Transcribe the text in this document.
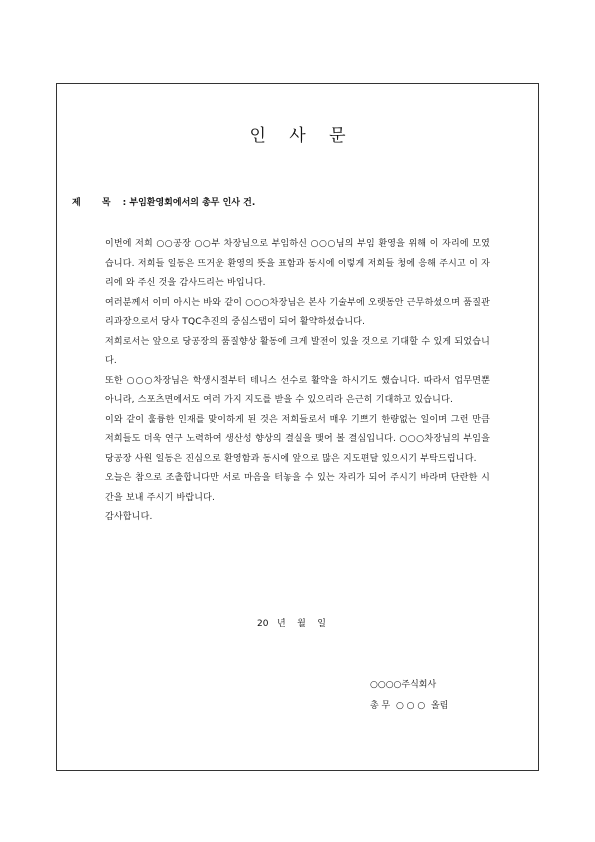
인 사 문
제 목 : 부임환영회에서의 총무 인사 건.

이번에 저희 ○○공장 ○○부 차장님으로 부임하신 ○○○님의 부임 환영을 위해 이 자리에 모였습니다. 저희들 일동은 뜨거운 환영의 뜻을 표함과 동시에 이렇게 저희들 청에 응해 주시고 이 자리에 와 주신 것을 감사드리는 바입니다.

여러분께서 이미 아시는 바와 같이 ○○○차장님은 본사 기술부에 오랫동안 근무하셨으며 품질관리과장으로서 당사 TQC추진의 중심스탭이 되어 활약하셨습니다.

저희로서는 앞으로 당공장의 품질향상 활동에 크게 발전이 있을 것으로 기대할 수 있게 되었습니다.

또한 ○○○차장님은 학생시절부터 테니스 선수로 활약을 하시기도 했습니다. 따라서 업무면뿐 아니라, 스포츠면에서도 여러 가지 지도를 받을 수 있으리라 은근히 기대하고 있습니다.

이와 같이 훌륭한 인재를 맞이하게 된 것은 저희들로서 매우 기쁘기 한량없는 일이며 그런 만큼 저희들도 더욱 연구 노력하여 생산성 향상의 결실을 맺어 볼 결심입니다. ○○○차장님의 부임을 당공장 사원 일동은 진심으로 환영함과 동시에 앞으로 많은 지도편달 있으시기 부탁드립니다.

오늘은 참으로 조촐합니다만 서로 마음을 터놓을 수 있는 자리가 되어 주시기 바라며 단란한 시간을 보내 주시기 바랍니다.

감사합니다.

20   년    월    일
○○○○주식회사
총 무  ○ ○ ○  올림
